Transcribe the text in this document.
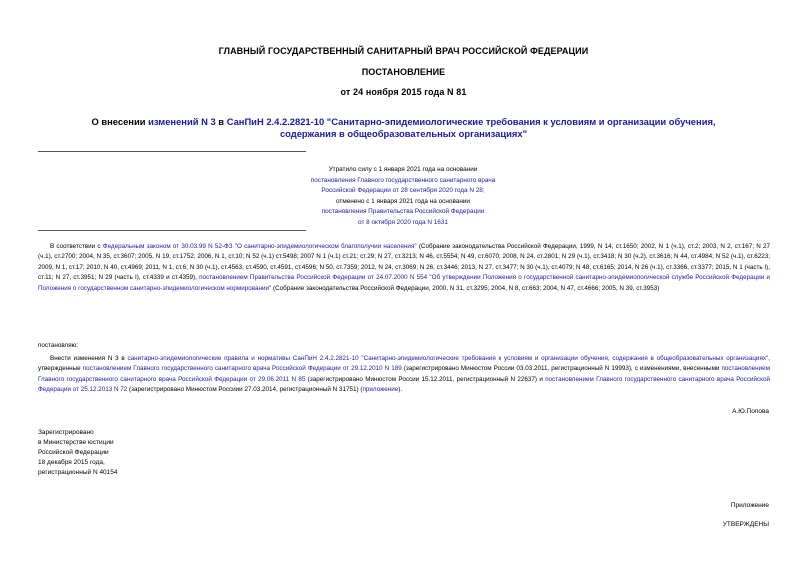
ГЛАВНЫЙ ГОСУДАРСТВЕННЫЙ САНИТАРНЫЙ ВРАЧ РОССИЙСКОЙ ФЕДЕРАЦИИ
ПОСТАНОВЛЕНИЕ
от 24 ноября 2015 года N 81
О внесении изменений N 3 в СанПиН 2.4.2.2821-10 "Санитарно-эпидемиологические требования к условиям и организации обучения, содержания в общеобразовательных организациях"
Утратило силу с 1 января 2021 года на основании
постановления Главного государственного санитарного врача
Российской Федерации от 28 сентября 2020 года N 28;
отменено с 1 января 2021 года на основании
постановления Правительства Российской Федерации
от 8 октября 2020 года N 1631
В соответствии с Федеральным законом от 30.03.99 N 52-ФЗ "О санитарно-эпидемиологическом благополучии населения" (Собрание законодательства Российской Федерации, 1999, N 14, ст.1650; 2002, N 1 (ч.1), ст.2; 2003, N 2, ст.167; N 27 (ч.1), ст.2700; 2004, N 35, ст.3607; 2005, N 19, ст.1752; 2006, N 1, ст.10; N 52 (ч.1) ст.5498; 2007 N 1 (ч.1) ст.21; ст.29; N 27, ст.3213; N 46, ст.5554; N 49, ст.6070; 2008, N 24, ст.2801; N 29 (ч.1), ст.3418; N 30 (ч.2), ст.3616; N 44, ст.4984; N 52 (ч.1), ст.6223; 2009, N 1, ст.17; 2010, N 40, ст.4969; 2011, N 1, ст.6; N 30 (ч.1), ст.4563, ст.4590, ст.4591, ст.4596; N 50, ст.7359; 2012, N 24, ст.3069; N 26, ст.3446; 2013, N 27, ст.3477; N 30 (ч.1), ст.4079; N 48, ст.6165; 2014, N 26 (ч.1), ст.3366, ст.3377; 2015, N 1 (часть I), ст.11; N 27, ст.3951; N 29 (часть I), ст.4339 и ст.4359), постановлением Правительства Российской Федерации от 24.07.2000 N 554 "Об утверждении Положения о государственной санитарно-эпидемиологической службе Российской Федерации и Положения о государственном санитарно-эпидемиологическом нормировании" (Собрание законодательства Российской Федерации, 2000, N 31, ст.3295; 2004, N 8, ст.663; 2004, N 47, ст.4666; 2005, N 39, ст.3953)
постановляю:
Внести изменения N 3 в санитарно-эпидемиологические правила и нормативы СанПиН 2.4.2.2821-10 "Санитарно-эпидемиологические требования к условиям и организации обучения, содержания в общеобразовательных организациях", утвержденные постановлением Главного государственного санитарного врача Российской Федерации от 29.12.2010 N 189 (зарегистрировано Минюстом России 03.03.2011, регистрационный N 19993), с изменениями, внесенными постановлением Главного государственного санитарного врача Российской Федерации от 29.06.2011 N 85 (зарегистрировано Минюстом России 15.12.2011, регистрационный N 22637) и постановлением Главного государственного санитарного врача Российской Федерации от 25.12.2013 N 72 (зарегистрировано Минюстом Россиии 27.03.2014, регистрационный N 31751) (приложение).
А.Ю.Попова
Зарегистрировано
в Министерстве юстиции
Российской Федерации
18 декабря 2015 года,
регистрационный N 40154
Приложение
УТВЕРЖДЕНЫ
